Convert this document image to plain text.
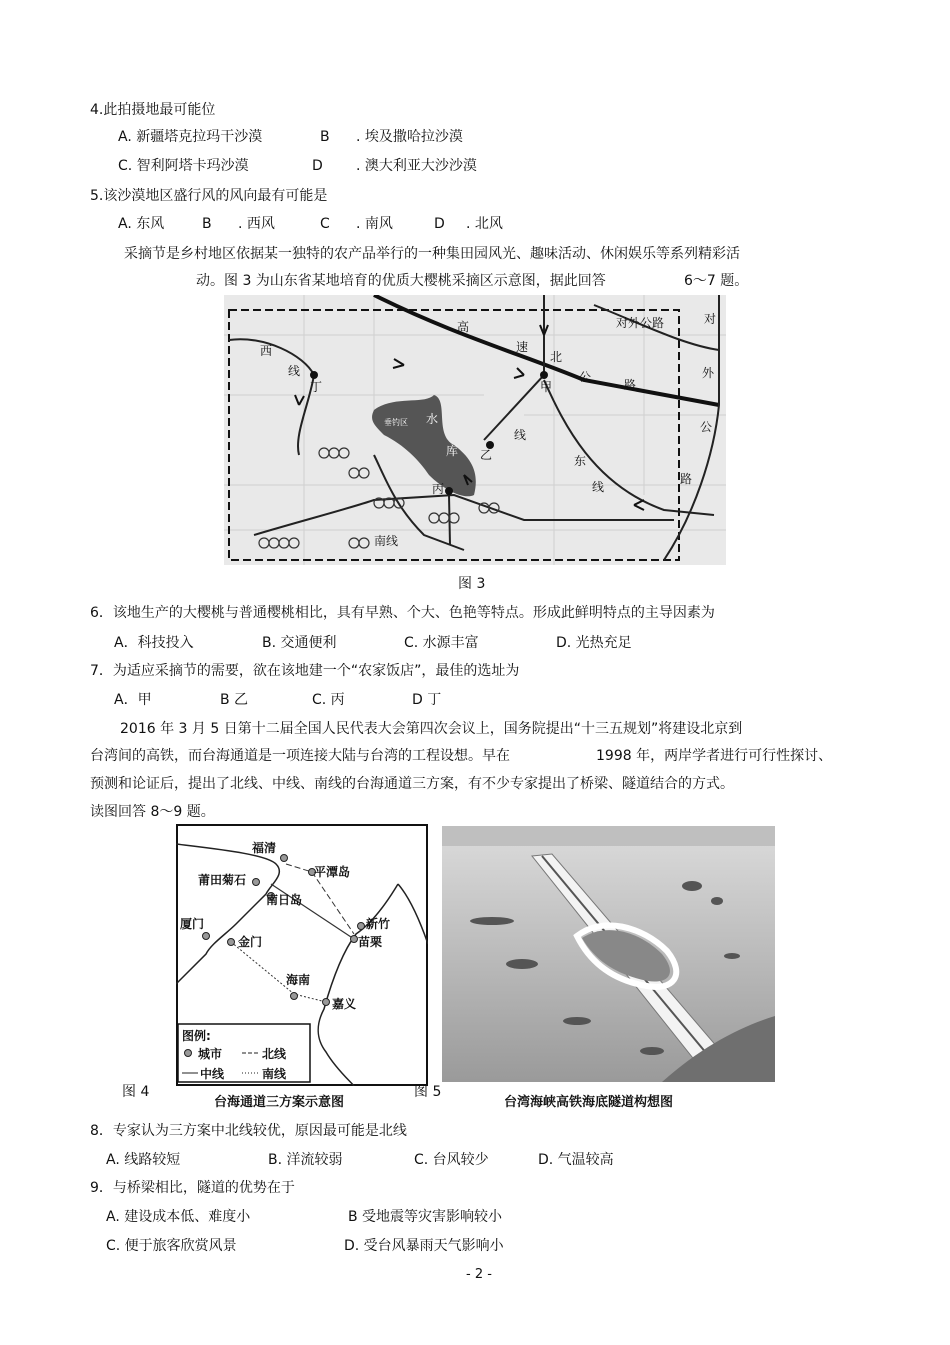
4.此拍摄地最可能位
A. 新疆塔克拉玛干沙漠	B . 埃及撒哈拉沙漠
C. 智利阿塔卡玛沙漠	D . 澳大利亚大沙沙漠
5.该沙漠地区盛行风的风向最有可能是
A. 东风	B . 西风	C . 南风	D . 北风
采摘节是乡村地区依据某一独特的农产品举行的一种集田园风光、趣味活动、休闲娱乐等系列精彩活
动。图 3 为山东省某地培育的优质大樱桃采摘区示意图，据此回答	6～7 题。
高
速
北
公
路
对外公路	对
外
公
路
西
线
丁	甲
乙
丙
线
东
线
南线
水
库
垂钓区
图 3
6．该地生产的大樱桃与普通樱桃相比，具有早熟、个大、色艳等特点。形成此鲜明特点的主导因素为
A．科技投入	B. 交通便利	C. 水源丰富	D. 光热充足
7．为适应采摘节的需要，欲在该地建一个“农家饭店”，最佳的选址为
A．甲	B 乙	C. 丙	D 丁
2016 年 3 月 5 日第十二届全国人民代表大会第四次会议上，国务院提出“十三五规划”将建设北京到
台湾间的高铁，而台海通道是一项连接大陆与台湾的工程设想。早在	1998 年，两岸学者进行可行性探讨、
预测和论证后，提出了北线、中线、南线的台海通道三方案，有不少专家提出了桥梁、隧道结合的方式。
读图回答 8～9 题。
福清
平潭岛
莆田菊石
南日岛
新竹
苗栗
厦门
金门
海南
嘉义
图例:
城市	北线
中线	南线
图 4
台海通道三方案示意图
图 5
台湾海峡高铁海底隧道构想图
8．专家认为三方案中北线较优，原因最可能是北线
A. 线路较短	B. 洋流较弱	C. 台风较少	D. 气温较高
9．与桥梁相比，隧道的优势在于
A. 建设成本低、难度小	B 受地震等灾害影响较小
C. 便于旅客欣赏风景	D. 受台风暴雨天气影响小
- 2 -
